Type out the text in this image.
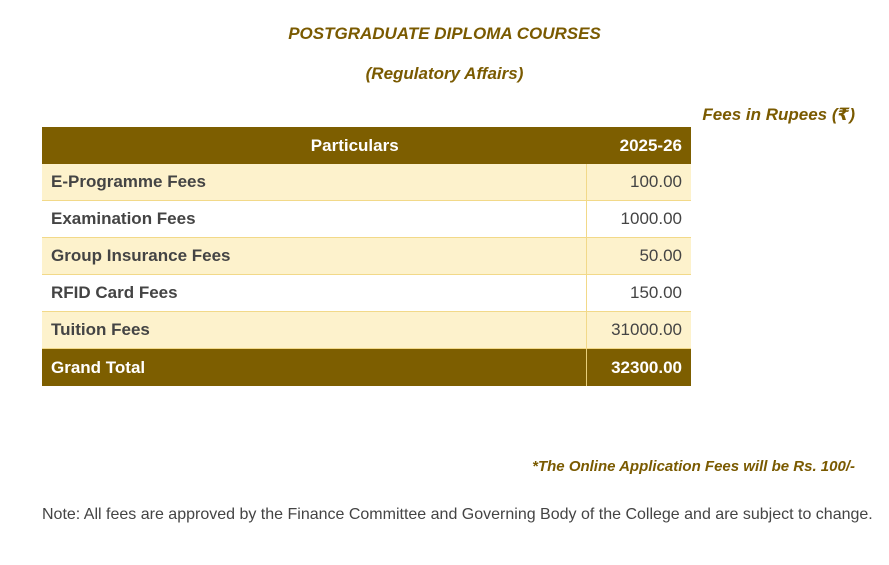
POSTGRADUATE DIPLOMA COURSES
(Regulatory Affairs)
Fees in Rupees (₹)
Particulars	2025-26
E-Programme Fees	100.00
Examination Fees	1000.00
Group Insurance Fees	50.00
RFID Card Fees	150.00
Tuition Fees	31000.00
Grand Total	32300.00
*The Online Application Fees will be Rs. 100/-
Note: All fees are approved by the Finance Committee and Governing Body of the College and are subject to change.
